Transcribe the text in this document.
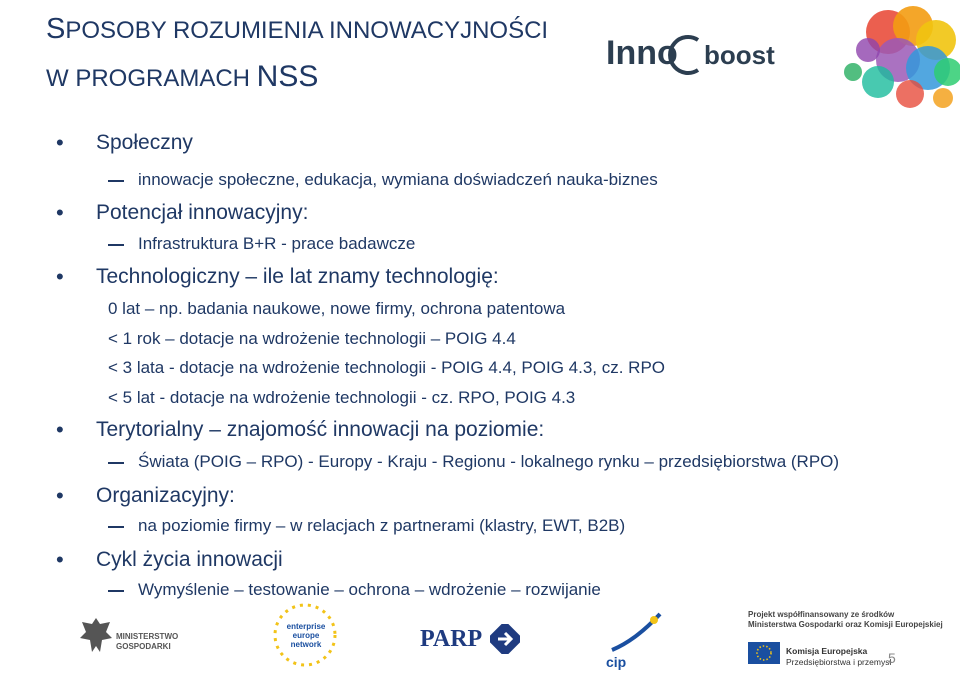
SPOSOBY ROZUMIENIA INNOWACYJNOŚCI
W PROGRAMACH NSS
Inno boost
• Społeczny
innowacje społeczne, edukacja, wymiana doświadczeń nauka-biznes
• Potencjał innowacyjny:
Infrastruktura B+R - prace badawcze
• Technologiczny – ile lat znamy technologię:
0 lat – np. badania naukowe, nowe firmy, ochrona patentowa
< 1 rok – dotacje na wdrożenie technologii – POIG 4.4
< 3 lata - dotacje na wdrożenie technologii - POIG 4.4, POIG 4.3, cz. RPO
< 5 lat - dotacje na wdrożenie technologii - cz. RPO, POIG 4.3
• Terytorialny – znajomość innowacji na poziomie:
Świata (POIG – RPO) - Europy - Kraju - Regionu - lokalnego rynku – przedsiębiorstwa (RPO)
• Organizacyjny:
na poziomie firmy – w relacjach z partnerami (klastry, EWT, B2B)
• Cykl życia innowacji
Wymyślenie – testowanie – ochrona – wdrożenie – rozwijanie
MINISTERSTWO
GOSPODARKI
enterprise
europe
network	PARP
cip
Projekt współfinansowany ze środków
Ministerstwa Gospodarki oraz Komisji Europejskiej
Komisja Europejska
Przedsiębiorstwa i przemysł
5
